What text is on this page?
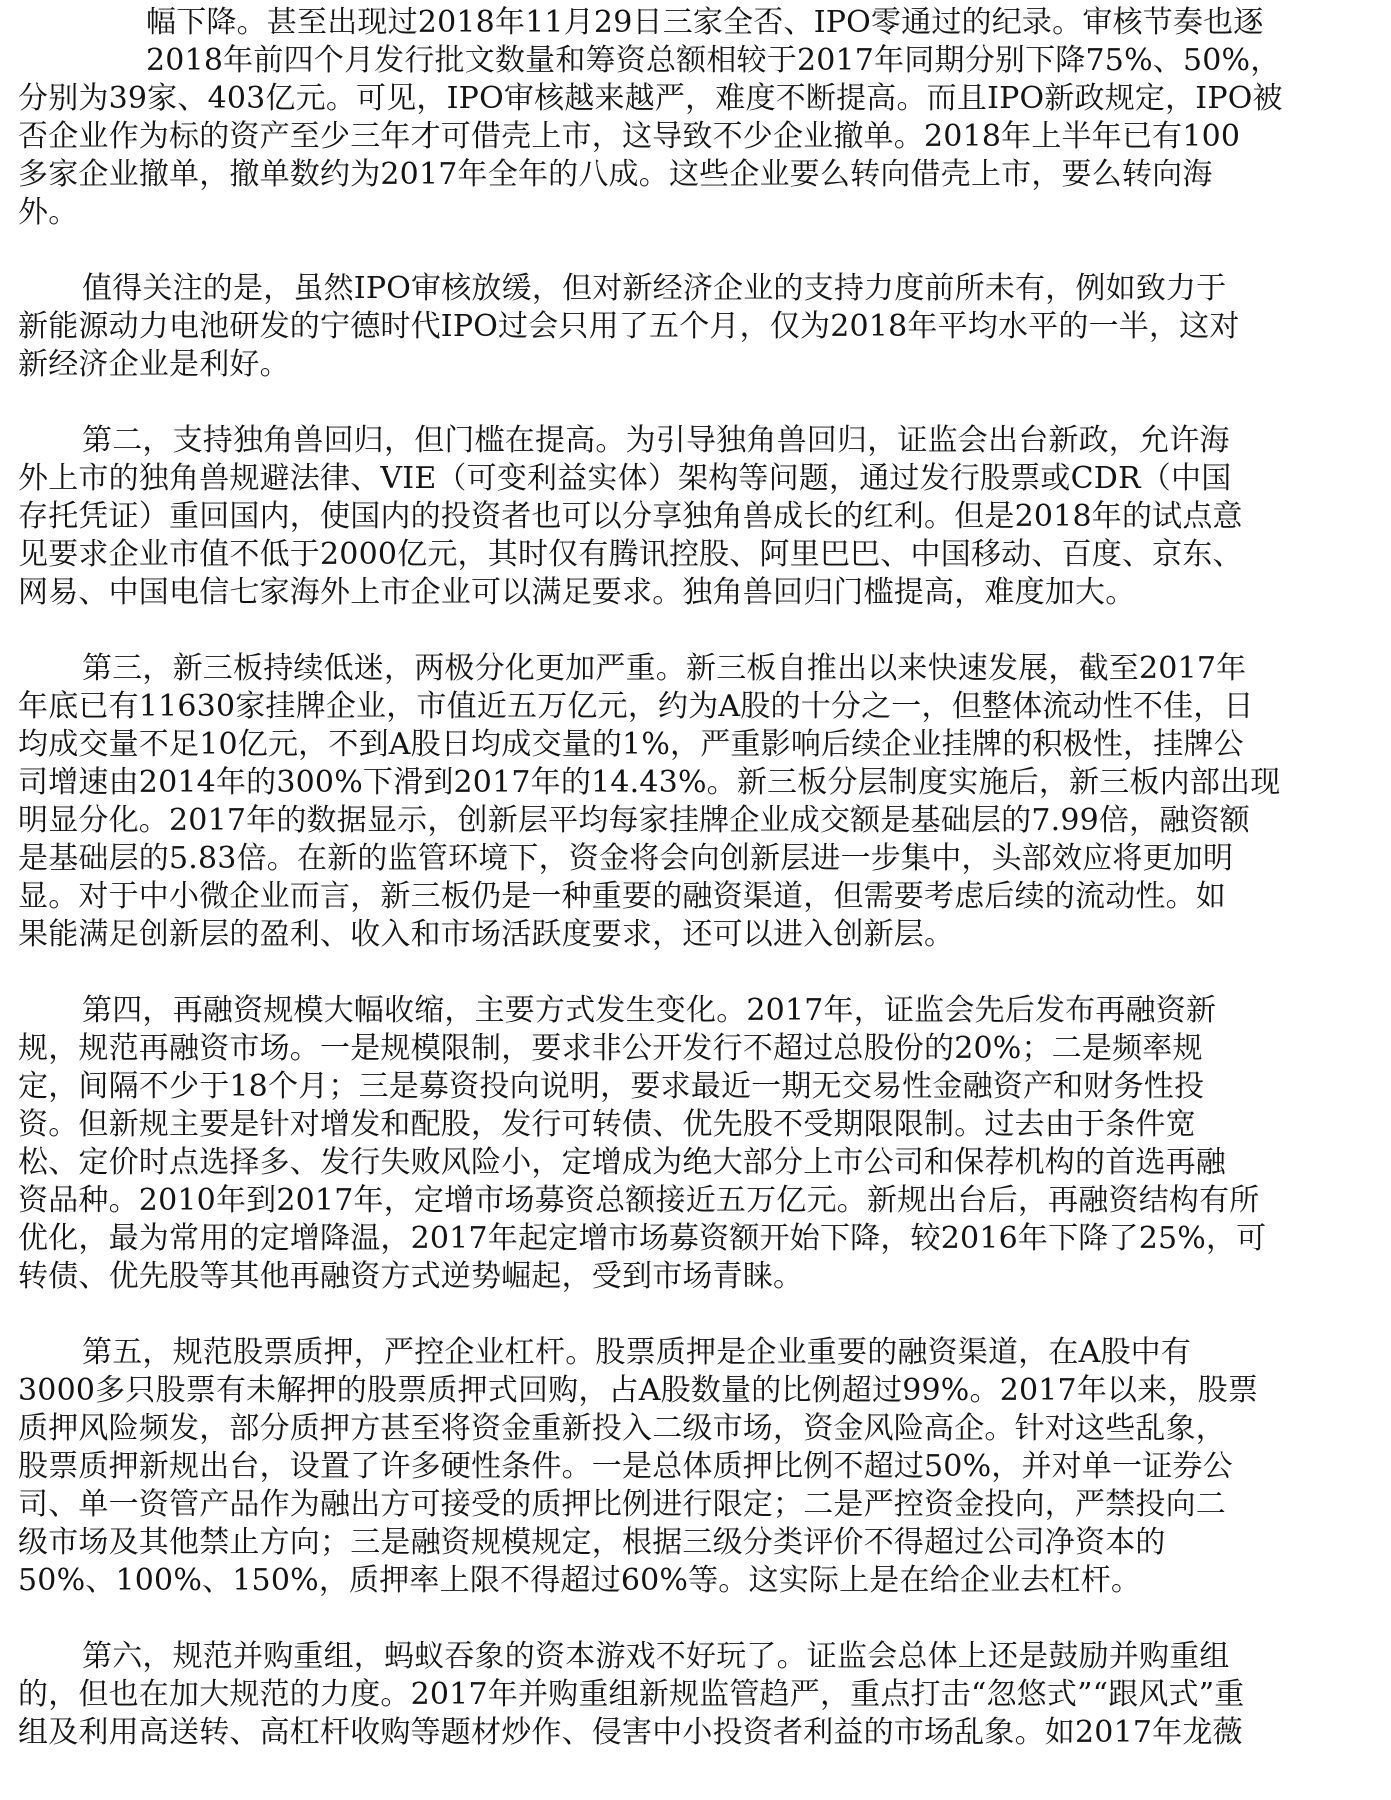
幅下降。甚至出现过2018年11月29日三家全否、IPO零通过的纪录。审核节奏也逐
2018年前四个月发行批文数量和筹资总额相较于2017年同期分别下降75%、50%，
分别为39家、403亿元。可见，IPO审核越来越严，难度不断提高。而且IPO新政规定，IPO被
否企业作为标的资产至少三年才可借壳上市，这导致不少企业撤单。2018年上半年已有100
多家企业撤单，撤单数约为2017年全年的八成。这些企业要么转向借壳上市，要么转向海
外。
值得关注的是，虽然IPO审核放缓，但对新经济企业的支持力度前所未有，例如致力于
新能源动力电池研发的宁德时代IPO过会只用了五个月，仅为2018年平均水平的一半，这对
新经济企业是利好。
第二，支持独角兽回归，但门槛在提高。为引导独角兽回归，证监会出台新政，允许海
外上市的独角兽规避法律、VIE（可变利益实体）架构等问题，通过发行股票或CDR（中国
存托凭证）重回国内，使国内的投资者也可以分享独角兽成长的红利。但是2018年的试点意
见要求企业市值不低于2000亿元，其时仅有腾讯控股、阿里巴巴、中国移动、百度、京东、
网易、中国电信七家海外上市企业可以满足要求。独角兽回归门槛提高，难度加大。
第三，新三板持续低迷，两极分化更加严重。新三板自推出以来快速发展，截至2017年
年底已有11630家挂牌企业，市值近五万亿元，约为A股的十分之一，但整体流动性不佳，日
均成交量不足10亿元，不到A股日均成交量的1%，严重影响后续企业挂牌的积极性，挂牌公
司增速由2014年的300%下滑到2017年的14.43%。新三板分层制度实施后，新三板内部出现
明显分化。2017年的数据显示，创新层平均每家挂牌企业成交额是基础层的7.99倍，融资额
是基础层的5.83倍。在新的监管环境下，资金将会向创新层进一步集中，头部效应将更加明
显。对于中小微企业而言，新三板仍是一种重要的融资渠道，但需要考虑后续的流动性。如
果能满足创新层的盈利、收入和市场活跃度要求，还可以进入创新层。
第四，再融资规模大幅收缩，主要方式发生变化。2017年，证监会先后发布再融资新
规，规范再融资市场。一是规模限制，要求非公开发行不超过总股份的20%；二是频率规
定，间隔不少于18个月；三是募资投向说明，要求最近一期无交易性金融资产和财务性投
资。但新规主要是针对增发和配股，发行可转债、优先股不受期限限制。过去由于条件宽
松、定价时点选择多、发行失败风险小，定增成为绝大部分上市公司和保荐机构的首选再融
资品种。2010年到2017年，定增市场募资总额接近五万亿元。新规出台后，再融资结构有所
优化，最为常用的定增降温，2017年起定增市场募资额开始下降，较2016年下降了25%，可
转债、优先股等其他再融资方式逆势崛起，受到市场青睐。
第五，规范股票质押，严控企业杠杆。股票质押是企业重要的融资渠道，在A股中有
3000多只股票有未解押的股票质押式回购，占A股数量的比例超过99%。2017年以来，股票
质押风险频发，部分质押方甚至将资金重新投入二级市场，资金风险高企。针对这些乱象，
股票质押新规出台，设置了许多硬性条件。一是总体质押比例不超过50%，并对单一证券公
司、单一资管产品作为融出方可接受的质押比例进行限定；二是严控资金投向，严禁投向二
级市场及其他禁止方向；三是融资规模规定，根据三级分类评价不得超过公司净资本的
50%、100%、150%，质押率上限不得超过60%等。这实际上是在给企业去杠杆。
第六，规范并购重组，蚂蚁吞象的资本游戏不好玩了。证监会总体上还是鼓励并购重组
的，但也在加大规范的力度。2017年并购重组新规监管趋严，重点打击“忽悠式”“跟风式”重
组及利用高送转、高杠杆收购等题材炒作、侵害中小投资者利益的市场乱象。如2017年龙薇
